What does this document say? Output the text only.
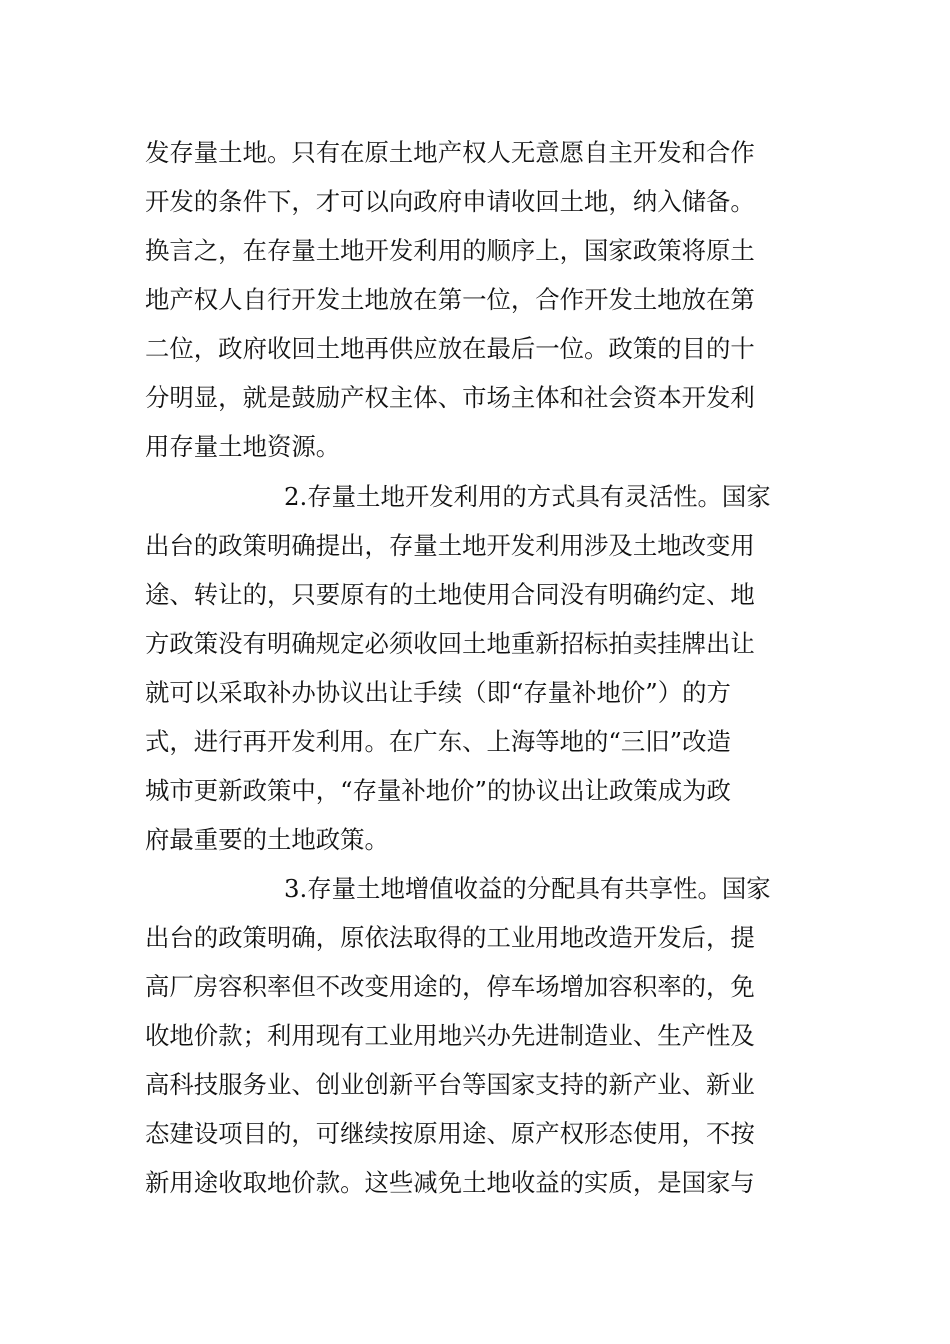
发存量土地。只有在原土地产权人无意愿自主开发和合作
开发的条件下，才可以向政府申请收回土地，纳入储备。
换言之，在存量土地开发利用的顺序上，国家政策将原土
地产权人自行开发土地放在第一位，合作开发土地放在第
二位，政府收回土地再供应放在最后一位。政策的目的十
分明显，就是鼓励产权主体、市场主体和社会资本开发利
用存量土地资源。
2.存量土地开发利用的方式具有灵活性。国家
出台的政策明确提出，存量土地开发利用涉及土地改变用
途、转让的，只要原有的土地使用合同没有明确约定、地
方政策没有明确规定必须收回土地重新招标拍卖挂牌出让
就可以采取补办协议出让手续（即“存量补地价”）的方
式，进行再开发利用。在广东、上海等地的“三旧”改造
城市更新政策中，“存量补地价”的协议出让政策成为政
府最重要的土地政策。
3.存量土地增值收益的分配具有共享性。国家
出台的政策明确，原依法取得的工业用地改造开发后，提
高厂房容积率但不改变用途的，停车场增加容积率的，免
收地价款；利用现有工业用地兴办先进制造业、生产性及
高科技服务业、创业创新平台等国家支持的新产业、新业
态建设项目的，可继续按原用途、原产权形态使用，不按
新用途收取地价款。这些减免土地收益的实质，是国家与
